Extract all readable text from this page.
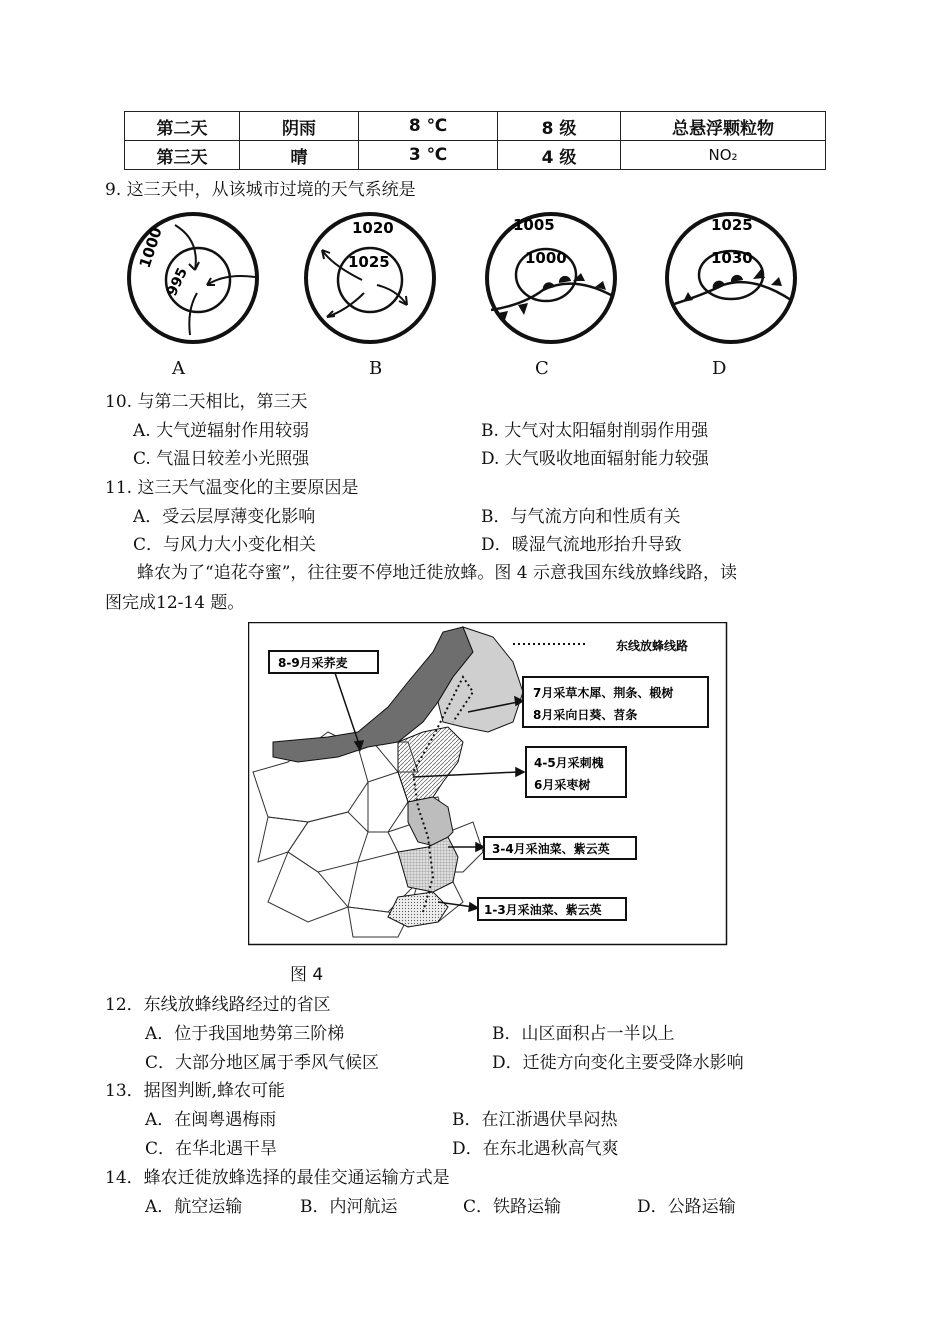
第二天	阴雨	8 ℃	8 级	总悬浮颗粒物
第三天	晴	3 ℃	4 级	NO₂
9. 这三天中，从该城市过境的天气系统是
1000
995
1020
1025
1005
1000
1025
1030
A	B	C	D
10. 与第二天相比，第三天
A. 大气逆辐射作用较弱	B. 大气对太阳辐射削弱作用强
C. 气温日较差小光照强	D. 大气吸收地面辐射能力较强
11. 这三天气温变化的主要原因是
A．受云层厚薄变化影响	B．与气流方向和性质有关
C．与风力大小变化相关	D．暖湿气流地形抬升导致
蜂农为了“追花夺蜜”，往往要不停地迁徙放蜂。图 4 示意我国东线放蜂线路，读
图完成12-14 题。
东线放蜂线路
8-9月采荞麦
7月采草木犀、荆条、椴树
8月采向日葵、苕条
4-5月采刺槐
6月采枣树
3-4月采油菜、紫云英
1-3月采油菜、紫云英
图 4
12．东线放蜂线路经过的省区
A．位于我国地势第三阶梯	B．山区面积占一半以上
C．大部分地区属于季风气候区	D．迁徙方向变化主要受降水影响
13．据图判断,蜂农可能
A．在闽粤遇梅雨	B．在江浙遇伏旱闷热
C．在华北遇干旱	D．在东北遇秋高气爽
14．蜂农迁徙放蜂选择的最佳交通运输方式是
A．航空运输	B．内河航运	C．铁路运输	D．公路运输
